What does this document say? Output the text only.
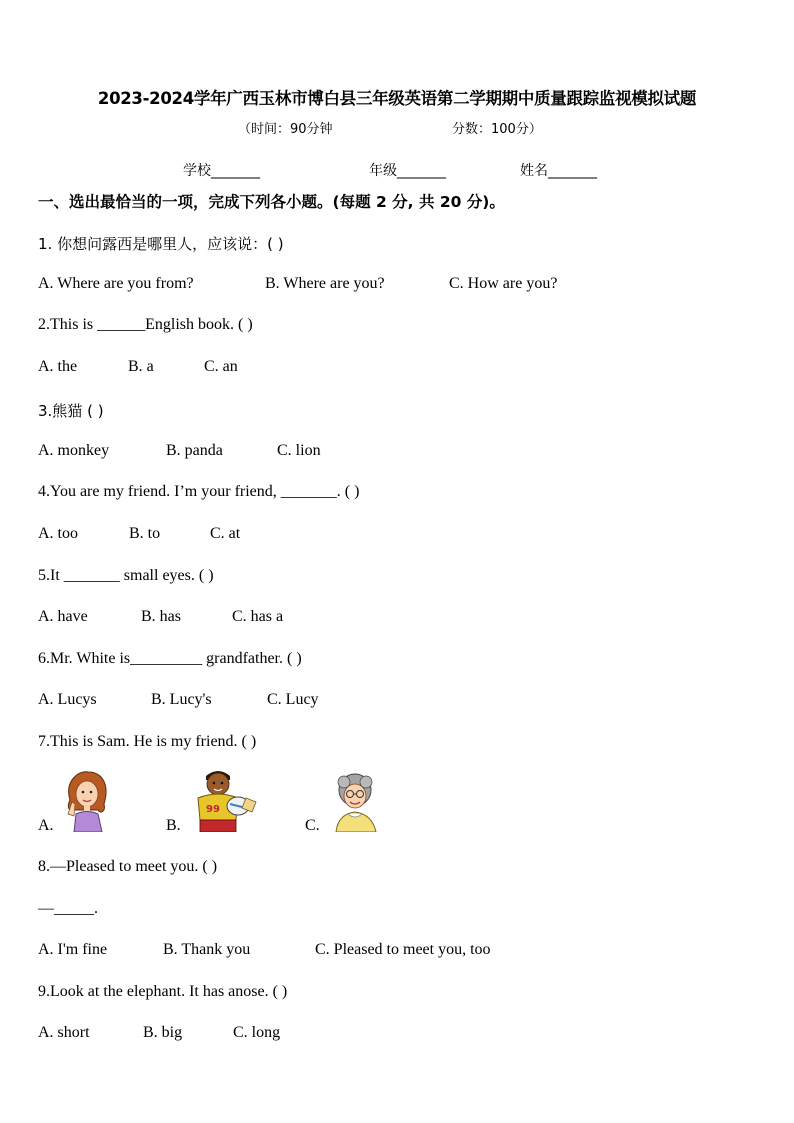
2023-2024学年广西玉林市博白县三年级英语第二学期期中质量跟踪监视模拟试题
（时间：90分钟	分数：100分）
学校_______	年级_______	姓名_______
一、选出最恰当的一项，完成下列各小题。(每题 2 分, 共 20 分)。
1. 你想问露西是哪里人，应该说：( )
A. Where are you from?	B. Where are you?	C. How are you?
2.This is ______English book. ( )
A. the	B. a	C. an
3.熊猫 ( )
A. monkey	B. panda	C. lion
4.You are my friend. I’m your friend, _______. ( )
A. too	B. to	C. at
5.It _______ small eyes. ( )
A. have	B. has	C. has a
6.Mr. White is_________ grandfather. ( )
A. Lucys	B. Lucy's	C. Lucy
7.This is Sam. He is my friend. ( )
A.	B.	C.
99
8.—Pleased to meet you. ( )
—_____.
A. I'm fine	B. Thank you	C. Pleased to meet you, too
9.Look at the elephant. It has anose. ( )
A. short	B. big	C. long
